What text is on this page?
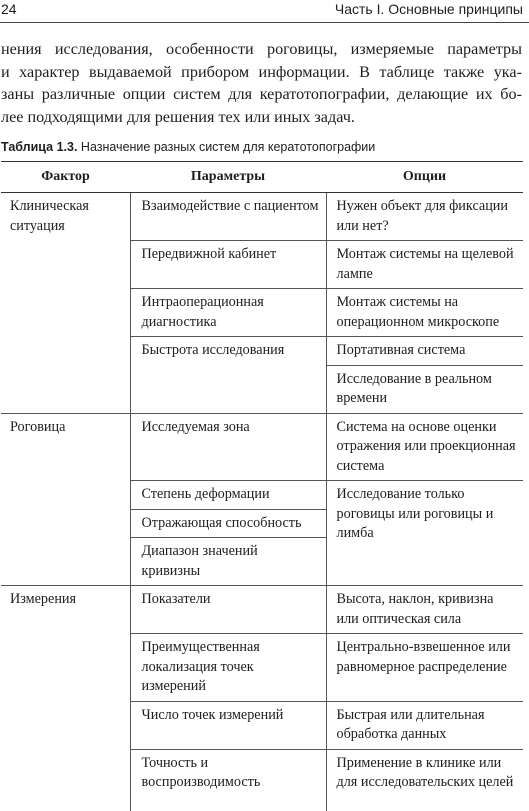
24	Часть I. Основные принципы
нения исследования, особенности роговицы, измеряемые параметры
и характер выдаваемой прибором информации. В таблице также ука-
заны различные опции систем для кератотопографии, делающие их бо-
лее подходящими для решения тех или иных задач.
Таблица 1.3. Назначение разных систем для кератотопографии
Фактор	Параметры	Опции
Клиническая ситуация	Взаимодействие с пациентом	Нужен объект для фиксации или нет?
	Передвижной кабинет	Монтаж системы на щелевой лампе
	Интраоперационная диагностика	Монтаж системы на операционном микроскопе
	Быстрота исследования	Портативная система
		Исследование в реальном времени
Роговица	Исследуемая зона	Система на основе оценки отражения или проекционная система
	Степень деформации	Исследование только роговицы или роговицы и лимба
	Отражающая способность	
	Диапазон значений кривизны	
Измерения	Показатели	Высота, наклон, кривизна или оптическая сила
	Преимущественная локализация точек измерений	Центрально-взвешенное или равномерное распределение
	Число точек измерений	Быстрая или длительная обработка данных
	Точность и воспроизводимость	Применение в клинике или для исследовательских целей
